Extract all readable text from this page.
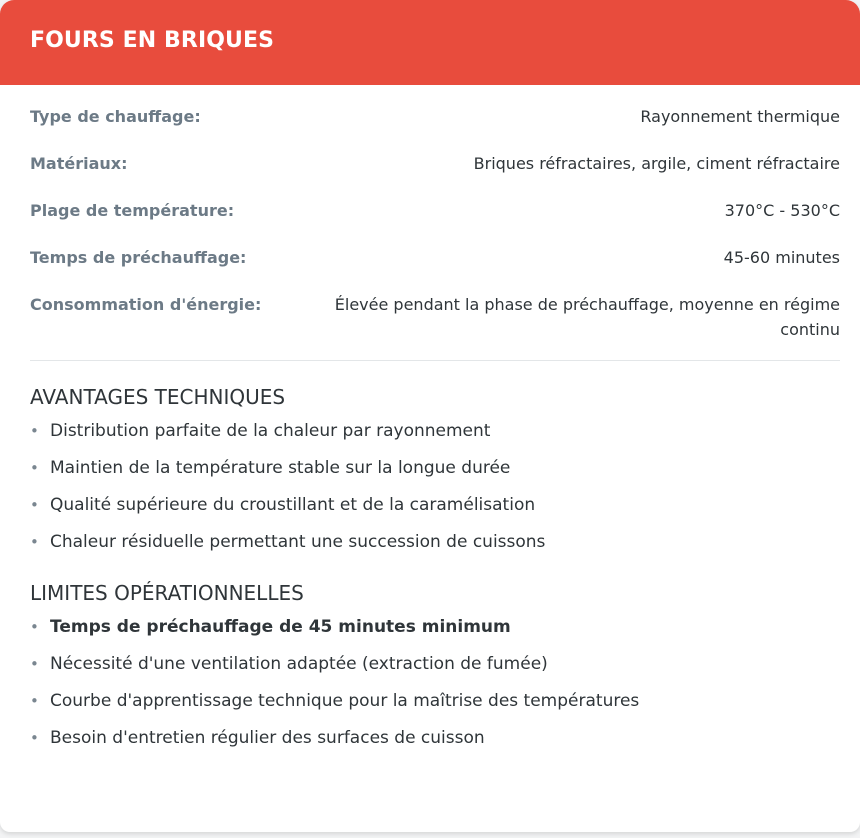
FOURS EN BRIQUES
Type de chauffage:	Rayonnement thermique
Matériaux:	Briques réfractaires, argile, ciment réfractaire
Plage de température:	370°C - 530°C
Temps de préchauffage:	45-60 minutes
Consommation d'énergie:	Élevée pendant la phase de préchauffage, moyenne en régime continu
AVANTAGES TECHNIQUES
• Distribution parfaite de la chaleur par rayonnement
• Maintien de la température stable sur la longue durée
• Qualité supérieure du croustillant et de la caramélisation
• Chaleur résiduelle permettant une succession de cuissons
LIMITES OPÉRATIONNELLES
• Temps de préchauffage de 45 minutes minimum
• Nécessité d'une ventilation adaptée (extraction de fumée)
• Courbe d'apprentissage technique pour la maîtrise des températures
• Besoin d'entretien régulier des surfaces de cuisson
